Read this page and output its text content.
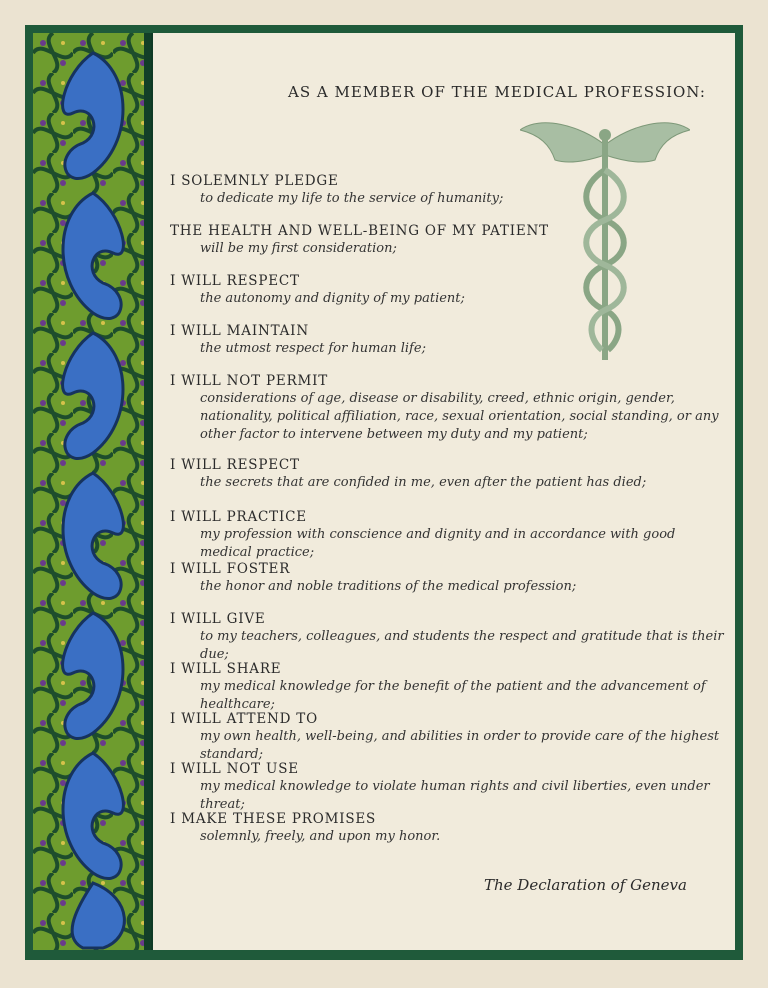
AS A MEMBER OF THE MEDICAL PROFESSION:
I SOLEMNLY PLEDGE
to dedicate my life to the service of humanity;
THE HEALTH AND WELL-BEING OF MY PATIENT
will be my first consideration;
I WILL RESPECT
the autonomy and dignity of my patient;
I WILL MAINTAIN
the utmost respect for human life;
I WILL NOT PERMIT
considerations of age, disease or disability, creed, ethnic origin, gender, nationality, political affiliation, race, sexual orientation, social standing, or any other factor to intervene between my duty and my patient;
I WILL RESPECT
the secrets that are confided in me, even after the patient has died;
I WILL PRACTICE
my profession with conscience and dignity and in accordance with good medical practice;
I WILL FOSTER
the honor and noble traditions of the medical profession;
I WILL GIVE
to my teachers, colleagues, and students the respect and gratitude that is their due;
I WILL SHARE
my medical knowledge for the benefit of the patient and the advancement of healthcare;
I WILL ATTEND TO
my own health, well-being, and abilities in order to provide care of the highest standard;
I WILL NOT USE
my medical knowledge to violate human rights and civil liberties, even under threat;
I MAKE THESE PROMISES
solemnly, freely, and upon my honor.
The Declaration of Geneva
